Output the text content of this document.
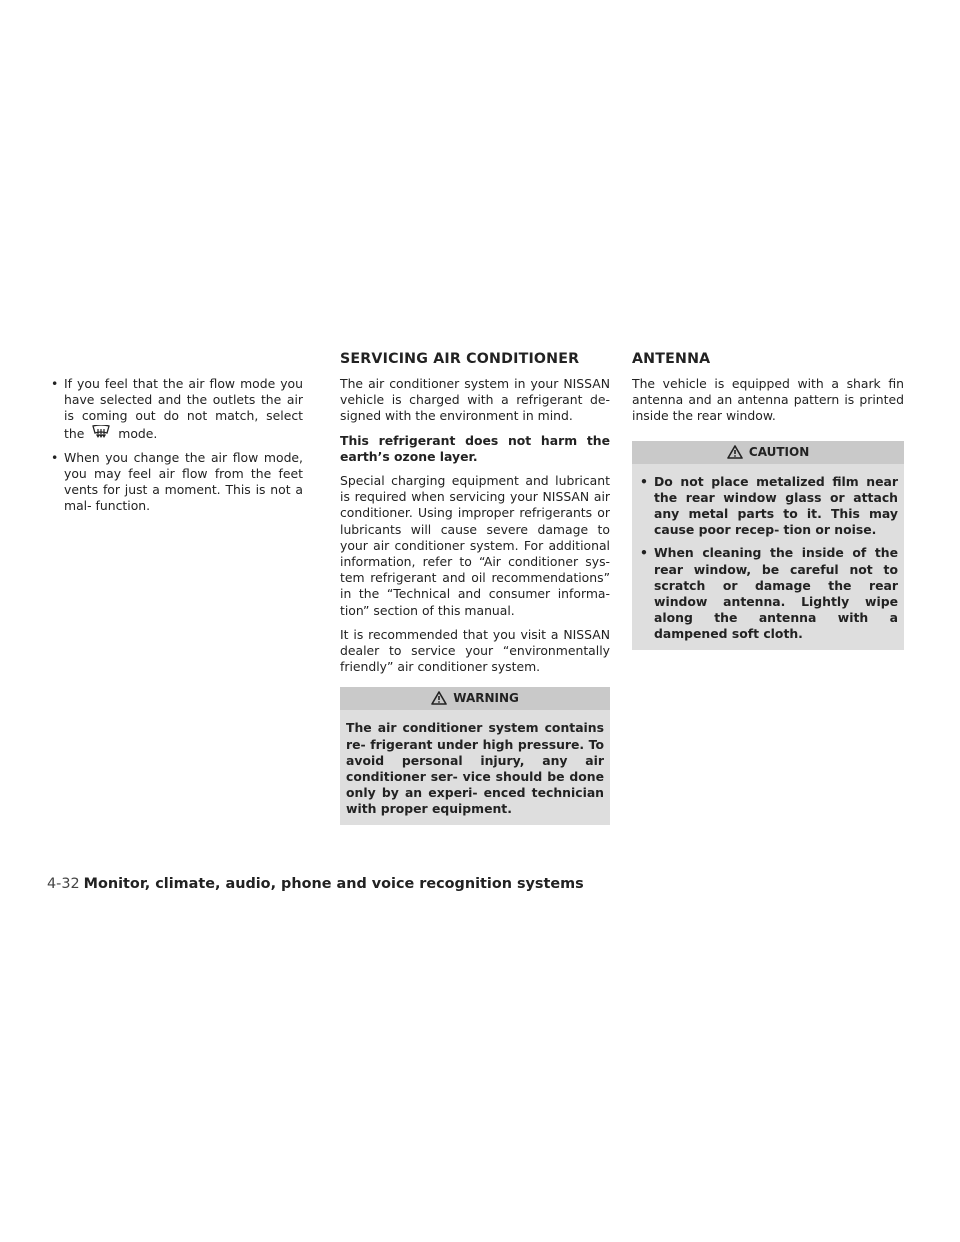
SERVICING AIR CONDITIONER	ANTENNA
• If you feel that the air flow mode you have selected and the outlets the air is coming out do not match, select the	mode.
• When you change the air flow mode, you may feel air flow from the feet vents for just a moment. This is not a mal- function.

The air conditioner system in your NISSAN vehicle is charged with a refrigerant de- signed with the environment in mind.

This refrigerant does not harm the earth’s ozone layer.

Special charging equipment and lubricant is required when servicing your NISSAN air conditioner. Using improper refrigerants or lubricants will cause severe damage to your air conditioner system. For additional information, refer to “Air conditioner sys- tem refrigerant and oil recommendations” in the “Technical and consumer informa- tion” section of this manual.

It is recommended that you visit a NISSAN dealer to service your “environmentally friendly” air conditioner system.

WARNING

The air conditioner system contains re- frigerant under high pressure. To avoid personal injury, any air conditioner ser- vice should be done only by an experi- enced technician with proper equipment.

The vehicle is equipped with a shark fin antenna and an antenna pattern is printed inside the rear window.

CAUTION
• Do not place metalized film near the rear window glass or attach any metal parts to it. This may cause poor recep- tion or noise.
• When cleaning the inside of the rear window, be careful not to scratch or damage the rear window antenna. Lightly wipe along the antenna with a dampened soft cloth.
4-32 Monitor, climate, audio, phone and voice recognition systems
